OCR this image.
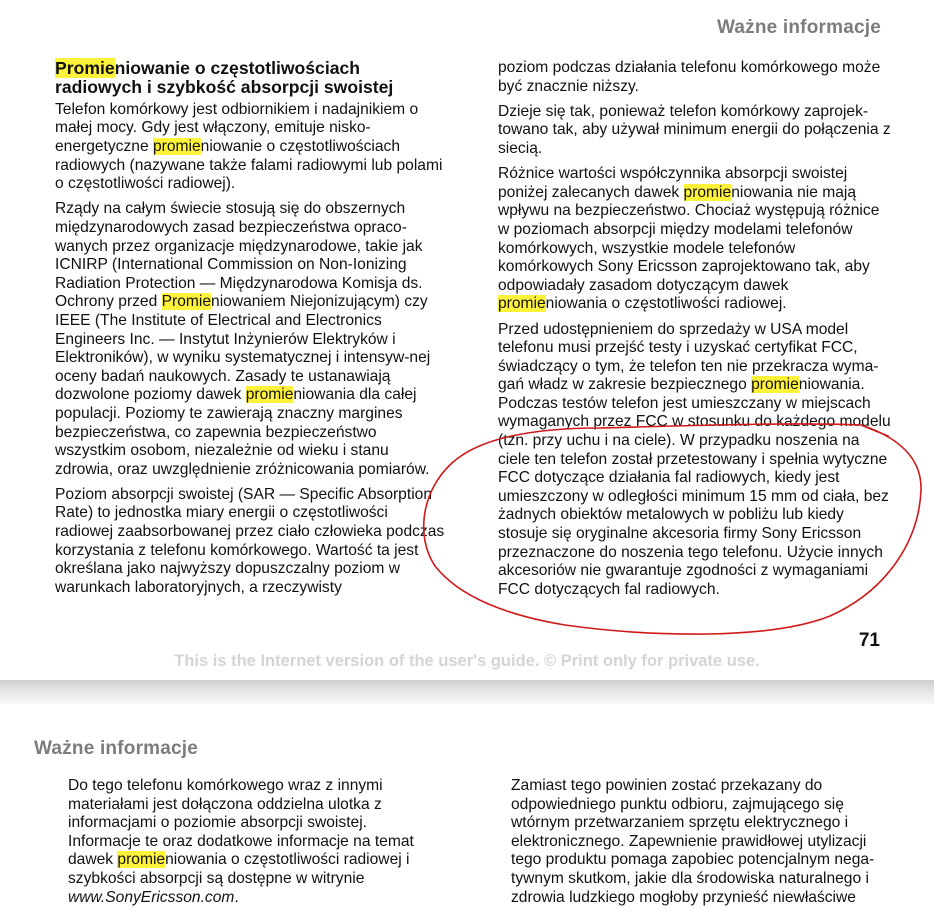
Ważne informacje
Promieniowanie o częstotliwościach radiowych i szybkość absorpcji swoistej

Telefon komórkowy jest odbiornikiem i nadajnikiem o małej mocy. Gdy jest włączony, emituje nisko-energetyczne promieniowanie o częstotliwościach radiowych (nazywane także falami radiowymi lub polami o częstotliwości radiowej).

Rządy na całym świecie stosują się do obszernych międzynarodowych zasad bezpieczeństwa opraco-wanych przez organizacje międzynarodowe, takie jak ICNIRP (International Commission on Non-Ionizing Radiation Protection — Międzynarodowa Komisja ds. Ochrony przed Promieniowaniem Niejonizującym) czy IEEE (The Institute of Electrical and Electronics Engineers Inc. — Instytut Inżynierów Elektryków i Elektroników), w wyniku systematycznej i intensyw-nej oceny badań naukowych. Zasady te ustanawiają dozwolone poziomy dawek promieniowania dla całej populacji. Poziomy te zawierają znaczny margines bezpieczeństwa, co zapewnia bezpieczeństwo wszystkim osobom, niezależnie od wieku i stanu zdrowia, oraz uwzględnienie zróżnicowania pomiarów.

Poziom absorpcji swoistej (SAR — Specific Absorption Rate) to jednostka miary energii o częstotliwości radiowej zaabsorbowanej przez ciało człowieka podczas korzystania z telefonu komórkowego. Wartość ta jest określana jako najwyższy dopuszczalny poziom w warunkach laboratoryjnych, a rzeczywisty

poziom podczas działania telefonu komórkowego może być znacznie niższy.

Dzieje się tak, ponieważ telefon komórkowy zaprojek-towano tak, aby używał minimum energii do połączenia z siecią.

Różnice wartości współczynnika absorpcji swoistej poniżej zalecanych dawek promieniowania nie mają wpływu na bezpieczeństwo. Chociaż występują różnice w poziomach absorpcji między modelami telefonów komórkowych, wszystkie modele telefonów komórkowych Sony Ericsson zaprojektowano tak, aby odpowiadały zasadom dotyczącym dawek promieniowania o częstotliwości radiowej.

Przed udostępnieniem do sprzedaży w USA model telefonu musi przejść testy i uzyskać certyfikat FCC, świadczący o tym, że telefon ten nie przekracza wyma-gań władz w zakresie bezpiecznego promieniowania. Podczas testów telefon jest umieszczany w miejscach wymaganych przez FCC w stosunku do każdego modelu (tzn. przy uchu i na ciele). W przypadku noszenia na ciele ten telefon został przetestowany i spełnia wytyczne FCC dotyczące działania fal radiowych, kiedy jest umieszczony w odległości minimum 15 mm od ciała, bez żadnych obiektów metalowych w pobliżu lub kiedy stosuje się oryginalne akcesoria firmy Sony Ericsson przeznaczone do noszenia tego telefonu. Użycie innych akcesoriów nie gwarantuje zgodności z wymaganiami FCC dotyczących fal radiowych.

71
This is the Internet version of the user's guide. © Print only for private use.
Ważne informacje

Do tego telefonu komórkowego wraz z innymi materiałami jest dołączona oddzielna ulotka z informacjami o poziomie absorpcji swoistej. Informacje te oraz dodatkowe informacje na temat dawek promieniowania o częstotliwości radiowej i szybkości absorpcji są dostępne w witrynie www.SonyEricsson.com.

Zamiast tego powinien zostać przekazany do odpowiedniego punktu odbioru, zajmującego się wtórnym przetwarzaniem sprzętu elektrycznego i elektronicznego. Zapewnienie prawidłowej utylizacji tego produktu pomaga zapobiec potencjalnym nega-tywnym skutkom, jakie dla środowiska naturalnego i zdrowia ludzkiego mogłoby przynieść niewłaściwe
